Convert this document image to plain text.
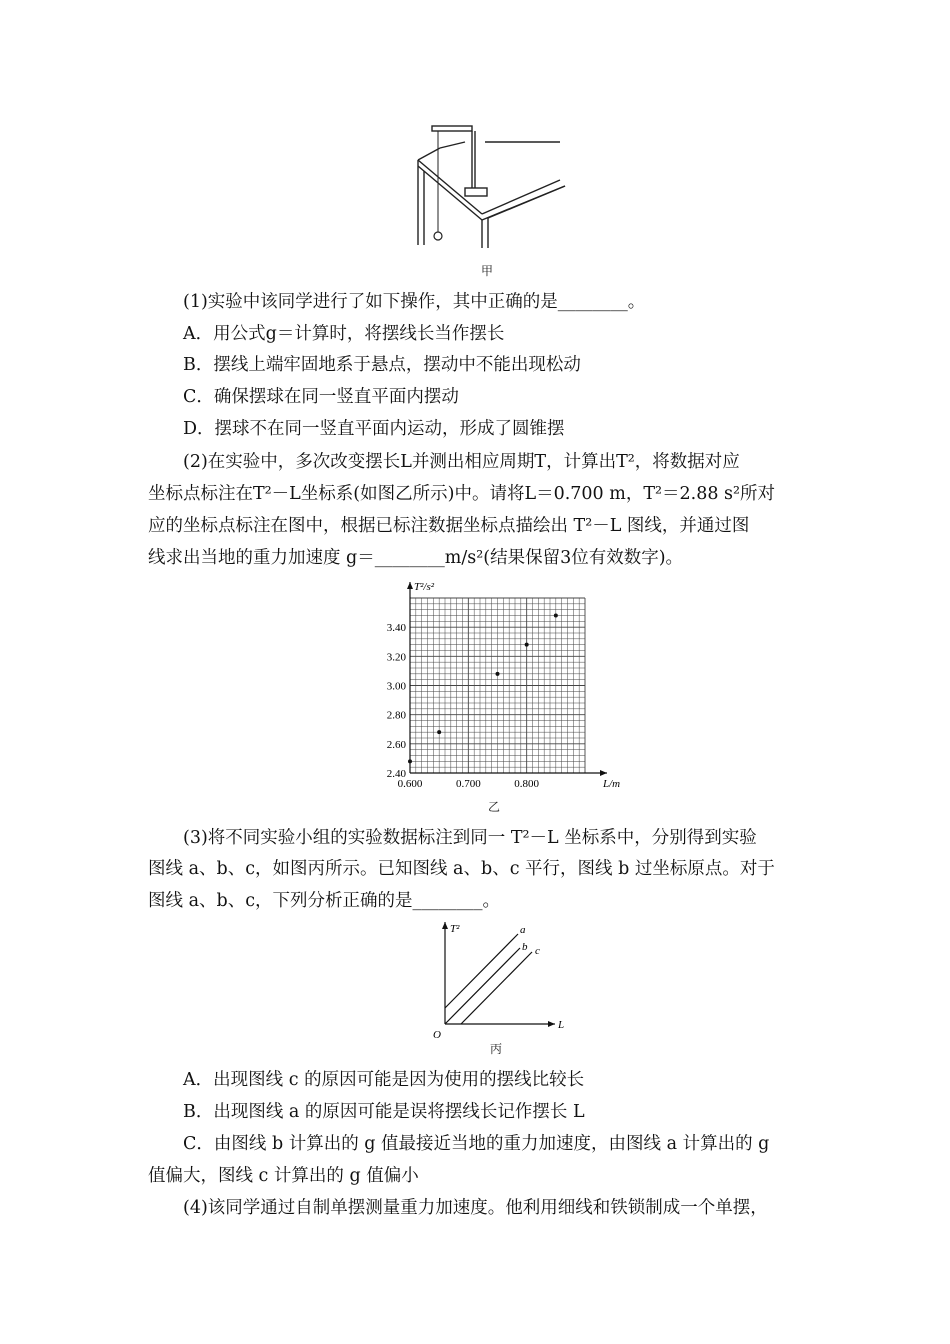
甲
(1)实验中该同学进行了如下操作，其中正确的是________。
A．用公式g＝计算时，将摆线长当作摆长
B．摆线上端牢固地系于悬点，摆动中不能出现松动
C．确保摆球在同一竖直平面内摆动
D．摆球不在同一竖直平面内运动，形成了圆锥摆
(2)在实验中，多次改变摆长L并测出相应周期T，计算出T²，将数据对应
坐标点标注在T²－L坐标系(如图乙所示)中。请将L＝0.700 m，T²＝2.88 s²所对
应的坐标点标注在图中，根据已标注数据坐标点描绘出 T²－L 图线，并通过图
线求出当地的重力加速度 g＝________m/s²(结果保留3位有效数字)。
0.600	0.700	0.800
2.40
2.60
2.80
3.00
3.20
3.40
L/m
T²/s²
乙
(3)将不同实验小组的实验数据标注到同一 T²－L 坐标系中，分别得到实验
图线 a、b、c，如图丙所示。已知图线 a、b、c 平行，图线 b 过坐标原点。对于
图线 a、b、c，下列分析正确的是________。
T²
L
O
a
b c
丙
A．出现图线 c 的原因可能是因为使用的摆线比较长
B．出现图线 a 的原因可能是误将摆线长记作摆长 L
C．由图线 b 计算出的 g 值最接近当地的重力加速度，由图线 a 计算出的 g
值偏大，图线 c 计算出的 g 值偏小
(4)该同学通过自制单摆测量重力加速度。他利用细线和铁锁制成一个单摆，
